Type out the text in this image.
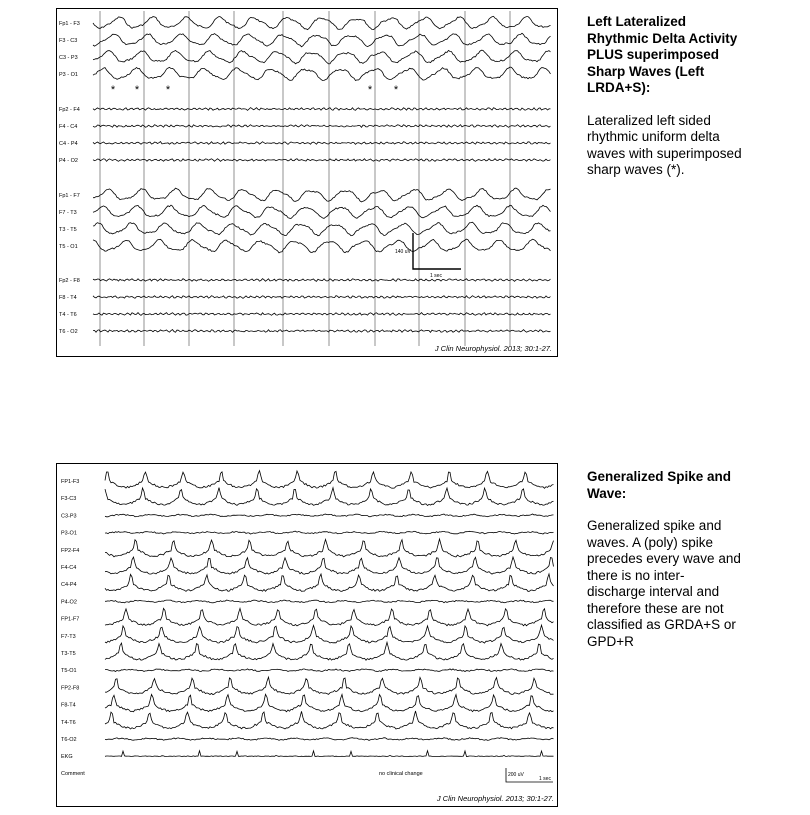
Fp1 - F3
F3 - C3
C3 - P3
P3 - O1
Fp2 - F4
F4 - C4
C4 - P4
P4 - O2
Fp1 - F7
F7 - T3
T3 - T5
T5 - O1
Fp2 - F8
F8 - T4
T4 - T6
T6 - O2
* * *	* *
140 uV
1 sec
J Clin Neurophysiol. 2013; 30:1-27.

Left Lateralized
Rhythmic Delta Activity
PLUS superimposed
Sharp Waves (Left
LRDA+S):

Lateralized left sided
rhythmic uniform delta
waves with superimposed
sharp waves (*).

FP1-F3
F3-C3
C3-P3
P3-O1
FP2-F4
F4-C4
C4-P4
P4-O2
FP1-F7
F7-T3
T3-T5
T5-O1
FP2-F8
F8-T4
T4-T6
T6-O2
EKG
Comment	no clinical change	200 uV
1 sec
J Clin Neurophysiol. 2013; 30:1-27.

Generalized Spike and
Wave:

Generalized spike and
waves. A (poly) spike
precedes every wave and
there is no inter-
discharge interval and
therefore these are not
classified as GRDA+S or
GPD+R
